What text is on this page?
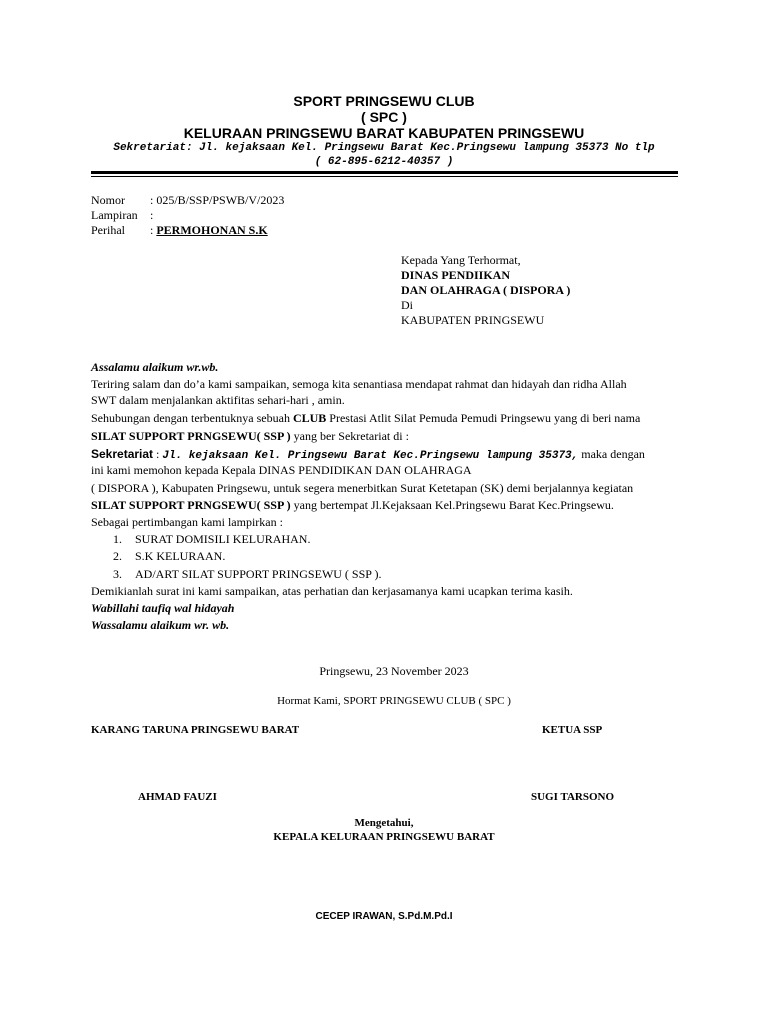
SPORT PRINGSEWU CLUB
( SPC )
KELURAAN PRINGSEWU BARAT KABUPATEN PRINGSEWU
Sekretariat: Jl. kejaksaan Kel. Pringsewu Barat Kec.Pringsewu lampung 35373 No tlp
( 62-895-6212-40357 )
Nomor : 025/B/SSP/PSWB/V/2023
Lampiran :
Perihal : PERMOHONAN S.K
Kepada Yang Terhormat,
DINAS PENDIIKAN
DAN OLAHRAGA ( DISPORA )
Di
KABUPATEN PRINGSEWU
Assalamu alaikum wr.wb.
Teriring salam dan do’a kami sampaikan, semoga kita senantiasa mendapat rahmat dan hidayah dan ridha Allah
SWT dalam menjalankan aktifitas sehari-hari , amin.
Sehubungan dengan terbentuknya sebuah CLUB Prestasi Atlit Silat Pemuda Pemudi Pringsewu yang di beri nama
SILAT SUPPORT PRNGSEWU( SSP ) yang ber Sekretariat di :
Sekretariat : Jl. kejaksaan Kel. Pringsewu Barat Kec.Pringsewu lampung 35373, maka dengan
ini kami memohon kepada Kepala DINAS PENDIDIKAN DAN OLAHRAGA
( DISPORA ), Kabupaten Pringsewu, untuk segera menerbitkan Surat Ketetapan (SK) demi berjalannya kegiatan
SILAT SUPPORT PRNGSEWU( SSP ) yang bertempat Jl.Kejaksaan Kel.Pringsewu Barat Kec.Pringsewu.
Sebagai pertimbangan kami lampirkan :
1. SURAT DOMISILI KELURAHAN.
2. S.K KELURAAN.
3. AD/ART SILAT SUPPORT PRINGSEWU ( SSP ).
Demikianlah surat ini kami sampaikan, atas perhatian dan kerjasamanya kami ucapkan terima kasih.
Wabillahi taufiq wal hidayah
Wassalamu alaikum wr. wb.
Pringsewu, 23 November 2023
Hormat Kami, SPORT PRINGSEWU CLUB ( SPC )
KARANG TARUNA PRINGSEWU BARAT	KETUA SSP
AHMAD FAUZI	SUGI TARSONO
Mengetahui,
KEPALA KELURAAN PRINGSEWU BARAT
CECEP IRAWAN, S.Pd.M.Pd.I
